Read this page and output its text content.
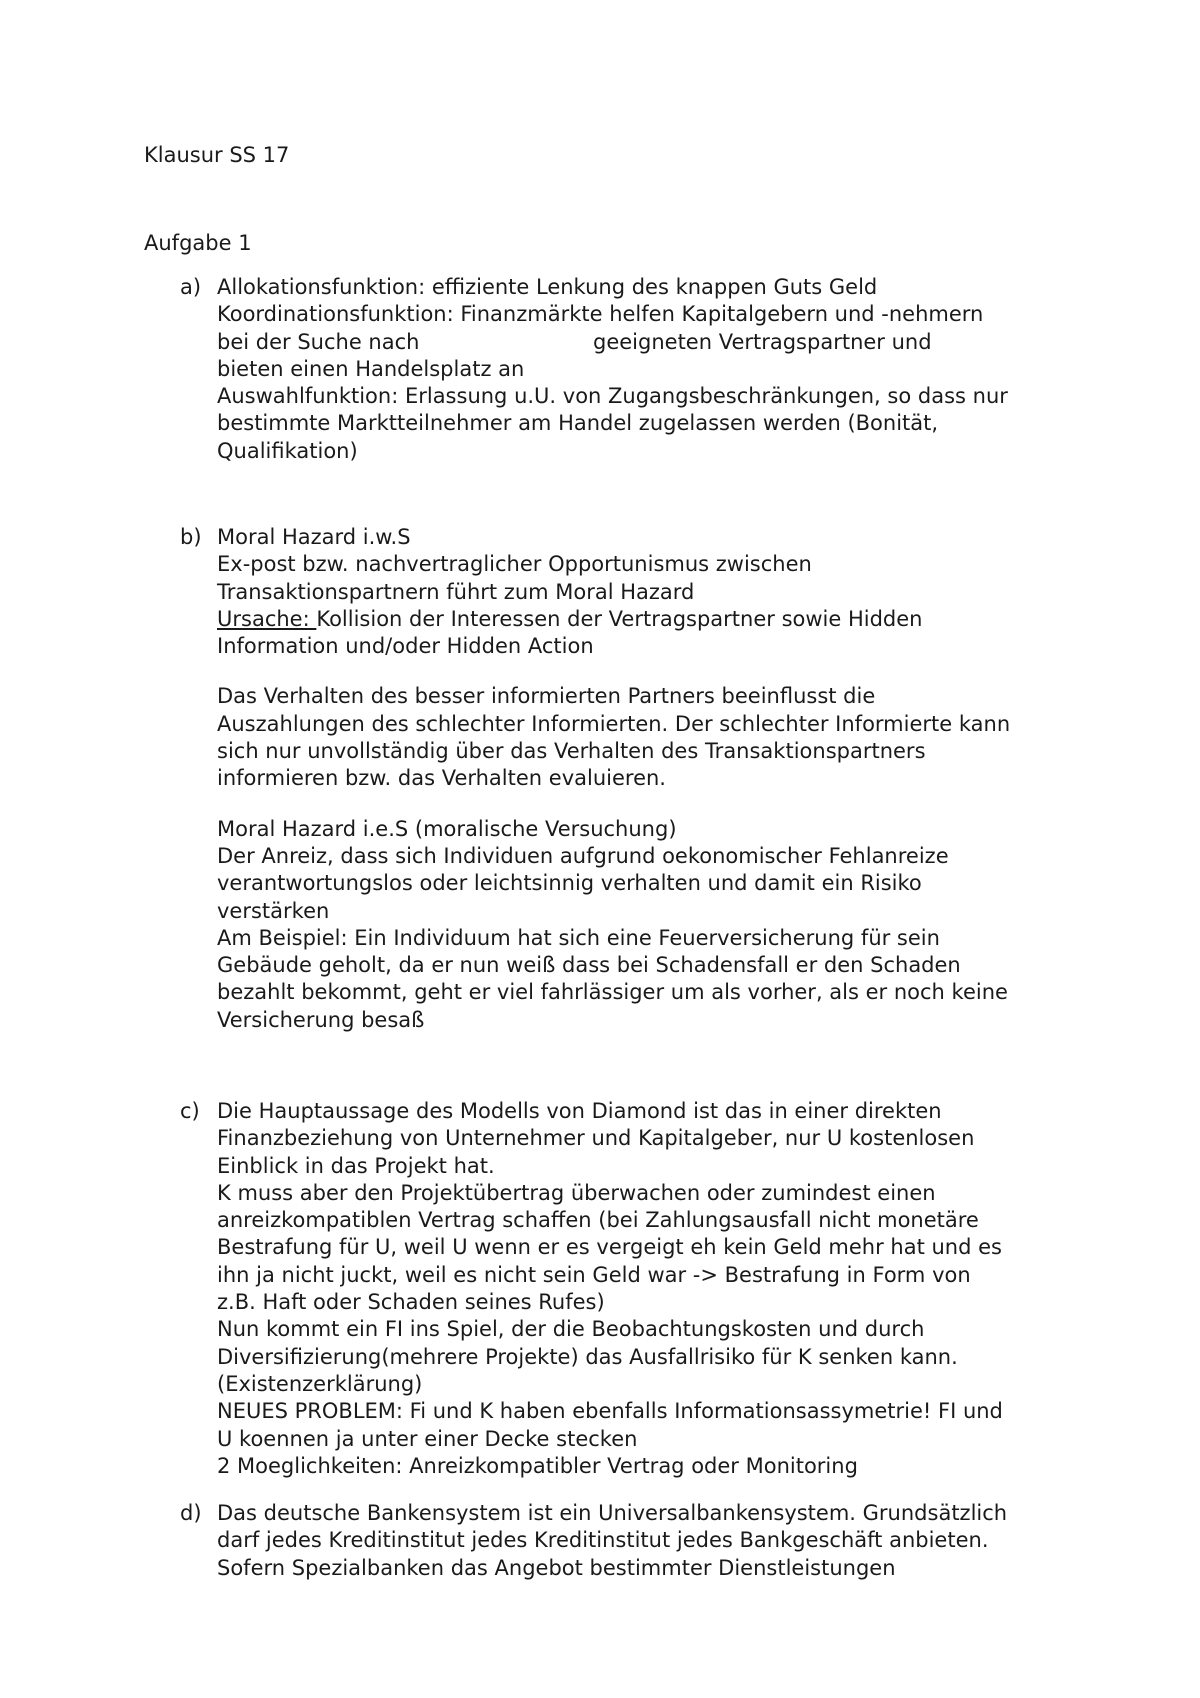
Klausur SS 17
Aufgabe 1
a) Allokationsfunktion: effiziente Lenkung des knappen Guts Geld
Koordinationsfunktion: Finanzmärkte helfen Kapitalgebern und -nehmern
bei der Suche nach                          geeigneten Vertragspartner und
bieten einen Handelsplatz an
Auswahlfunktion: Erlassung u.U. von Zugangsbeschränkungen, so dass nur
bestimmte Marktteilnehmer am Handel zugelassen werden (Bonität,
Qualifikation)
b) Moral Hazard i.w.S
Ex-post bzw. nachvertraglicher Opportunismus zwischen
Transaktionspartnern führt zum Moral Hazard
Ursache: Kollision der Interessen der Vertragspartner sowie Hidden
Information und/oder Hidden Action
Das Verhalten des besser informierten Partners beeinflusst die
Auszahlungen des schlechter Informierten. Der schlechter Informierte kann
sich nur unvollständig über das Verhalten des Transaktionspartners
informieren bzw. das Verhalten evaluieren.
Moral Hazard i.e.S (moralische Versuchung)
Der Anreiz, dass sich Individuen aufgrund oekonomischer Fehlanreize
verantwortungslos oder leichtsinnig verhalten und damit ein Risiko
verstärken
Am Beispiel: Ein Individuum hat sich eine Feuerversicherung für sein
Gebäude geholt, da er nun weiß dass bei Schadensfall er den Schaden
bezahlt bekommt, geht er viel fahrlässiger um als vorher, als er noch keine
Versicherung besaß
c) Die Hauptaussage des Modells von Diamond ist das in einer direkten
Finanzbeziehung von Unternehmer und Kapitalgeber, nur U kostenlosen
Einblick in das Projekt hat.
K muss aber den Projektübertrag überwachen oder zumindest einen
anreizkompatiblen Vertrag schaffen (bei Zahlungsausfall nicht monetäre
Bestrafung für U, weil U wenn er es vergeigt eh kein Geld mehr hat und es
ihn ja nicht juckt, weil es nicht sein Geld war -> Bestrafung in Form von
z.B. Haft oder Schaden seines Rufes)
Nun kommt ein FI ins Spiel, der die Beobachtungskosten und durch
Diversifizierung(mehrere Projekte) das Ausfallrisiko für K senken kann.
(Existenzerklärung)
NEUES PROBLEM: Fi und K haben ebenfalls Informationsassymetrie! FI und
U koennen ja unter einer Decke stecken
2 Moeglichkeiten: Anreizkompatibler Vertrag oder Monitoring
d) Das deutsche Bankensystem ist ein Universalbankensystem. Grundsätzlich
darf jedes Kreditinstitut jedes Kreditinstitut jedes Bankgeschäft anbieten.
Sofern Spezialbanken das Angebot bestimmter Dienstleistungen
